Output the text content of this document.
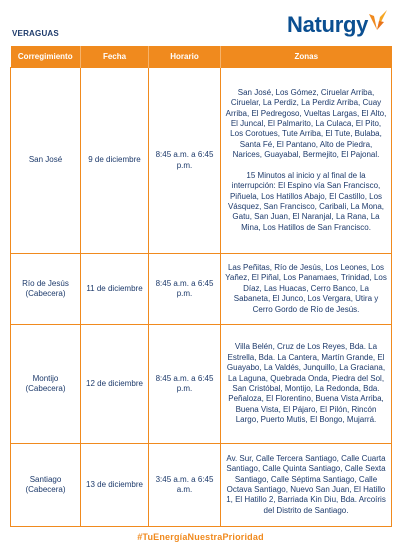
Naturgy
VERAGUAS
Corregimiento	Fecha	Horario	Zonas
San José	9 de diciembre	8:45 a.m. a 6:45 p.m.	San José, Los Gómez, Ciruelar Arriba, Ciruelar, La Perdiz, La Perdiz Arriba, Cuay Arriba, El Pedregoso, Vueltas Largas, El Alto, El Juncal, El Palmarito, La Culaca, El Pito, Los Corotues, Tute Arriba, El Tute, Bulaba, Santa Fé, El Pantano, Alto de Piedra, Narices, Guayabal, Bermejito, El Pajonal.
15 Minutos al inicio y al final de la interrupción: El Espino vía San Francisco, Piñuela, Los Hatillos Abajo, El Castillo, Los Vásquez, San Francisco, Caribali, La Mona, Gatu, San Juan, El Naranjal, La Rana, La Mina, Los Hatillos de San Francisco.

Río de Jesús (Cabecera)	11 de diciembre	8:45 a.m. a 6:45 p.m.	Las Peñitas, Río de Jesús, Los Leones, Los Yañez, El Piñal, Los Panamaes, Trinidad, Los Díaz, Las Huacas, Cerro Banco, La Sabaneta, El Junco, Los Vergara, Utira y Cerro Gordo de Río de Jesús.
Montijo (Cabecera)	12 de diciembre	8:45 a.m. a 6:45 p.m.	Villa Belén, Cruz de Los Reyes, Bda. La Estrella, Bda. La Cantera, Martín Grande, El Guayabo, La Valdés, Junquillo, La Graciana, La Laguna, Quebrada Onda, Piedra del Sol, San Cristóbal, Montijo, La Redonda, Bda. Peñaloza, El Florentino, Buena Vista Arriba, Buena Vista, El Pájaro, El Pilón, Rincón Largo, Puerto Mutis, El Bongo, Mujarrá.
Santiago (Cabecera)	13 de diciembre	3:45 a.m. a 6:45 a.m.	Av. Sur, Calle Tercera Santiago, Calle Cuarta Santiago, Calle Quinta Santiago, Calle Sexta Santiago, Calle Séptima Santiago, Calle Octava Santiago, Nuevo San Juan, El Hatillo 1, El Hatillo 2, Barriada Kin Diu, Bda. Arcoíris del Distrito de Santiago.
#TuEnergíaNuestraPrioridad
